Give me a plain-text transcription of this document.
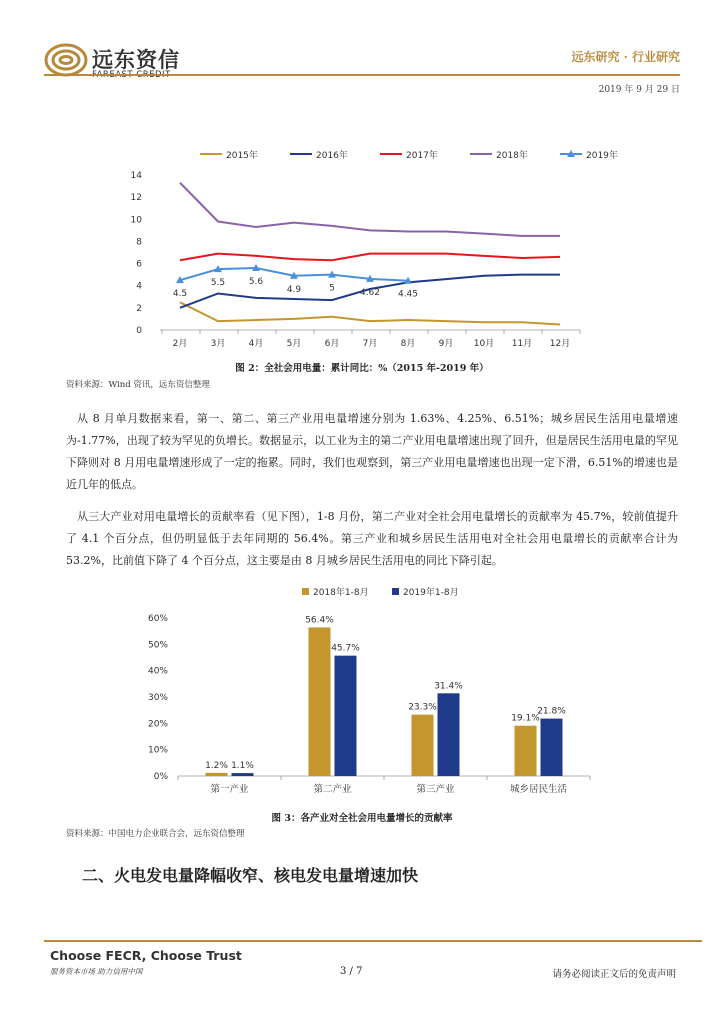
远东资信	远东研究 · 行业研究
2019 年 9 月 29 日
2015年	2016年	2017年	2018年	2019年
0
2
4
6
8
10
12
14
2月	3月	4月	5月	6月	7月	8月	9月 10月 11月 12月
4.5
5.5	5.6
4.9	5	4.62 4.45
图 2：全社会用电量：累计同比：%（2015 年-2019 年）
资料来源：Wind 资讯，远东资信整理
从 8 月单月数据来看，第一、第二、第三产业用电量增速分别为 1.63%、4.25%、6.51%；城乡居民生活用电量增速为-1.77%，出现了较为罕见的负增长。数据显示，以工业为主的第二产业用电量增速出现了回升，但是居民生活用电量的罕见下降则对 8 月用电量增速形成了一定的拖累。同时，我们也观察到，第三产业用电量增速也出现一定下滑，6.51%的增速也是近几年的低点。
从三大产业对用电量增长的贡献率看（见下图），1-8 月份，第二产业对全社会用电量增长的贡献率为 45.7%，较前值提升了 4.1 个百分点，但仍明显低于去年同期的 56.4%。第三产业和城乡居民生活用电对全社会用电量增长的贡献率合计为 53.2%，比前值下降了 4 个百分点，这主要是由 8 月城乡居民生活用电的同比下降引起。
2018年1-8月	2019年1-8月
0%
10%
20%
30%
40%
50%
60%
第一产业
1.2% 1.1%
第二产业
56.4%
45.7%
第三产业
23.3%
31.4%
城乡居民生活
19.1%
21.8%
图 3：各产业对全社会用电量增长的贡献率
资料来源：中国电力企业联合会，远东资信整理
二、火电发电量降幅收窄、核电发电量增速加快
Choose FECR, Choose Trust
服务资本市场 助力信用中国	3 / 7	请务必阅读正文后的免责声明
